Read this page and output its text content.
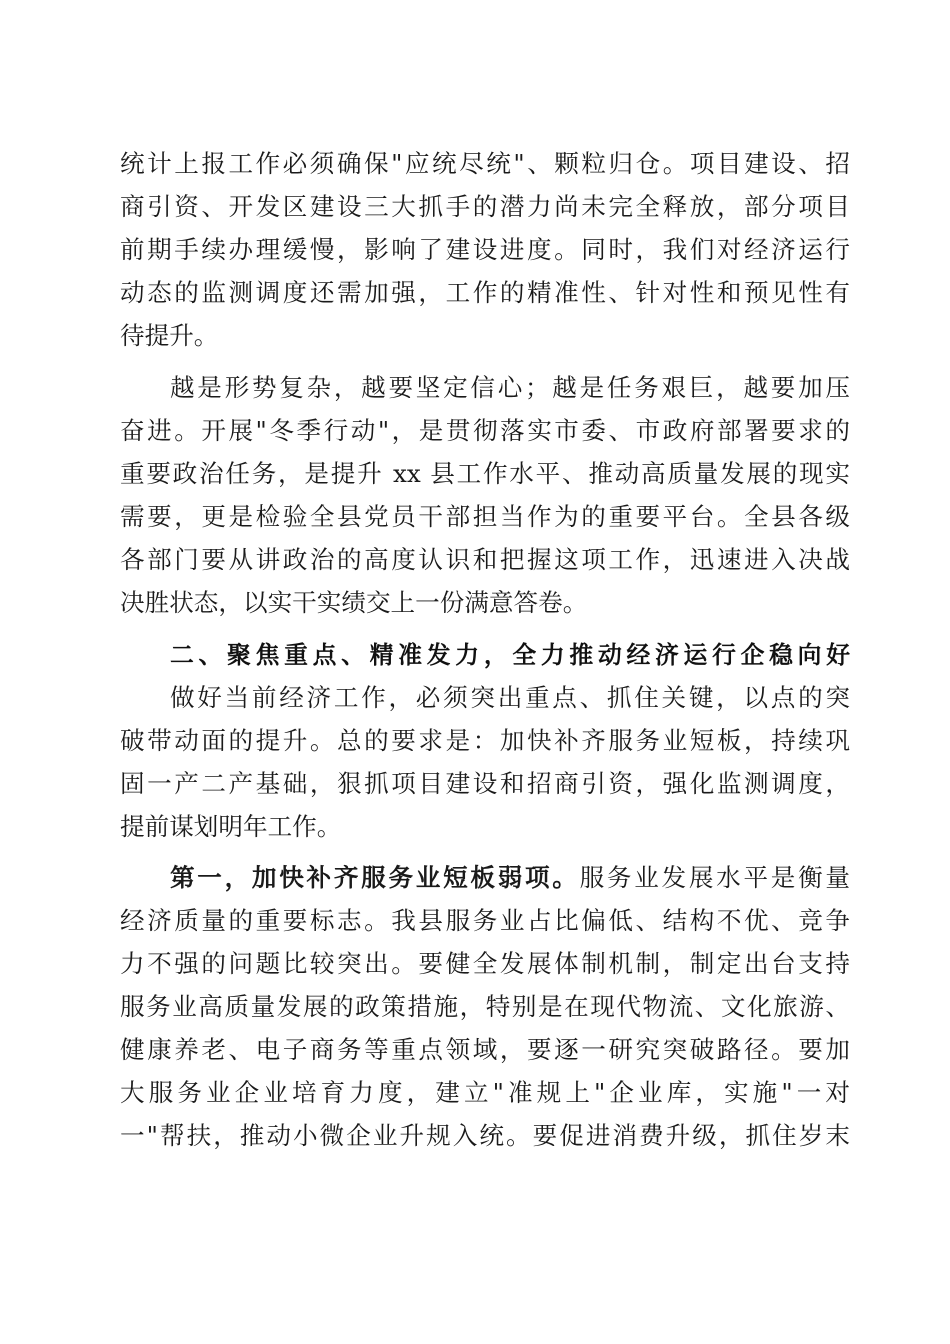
统计上报工作必须确保"应统尽统"、颗粒归仓。项目建设、招
商引资、开发区建设三大抓手的潜力尚未完全释放，部分项目
前期手续办理缓慢，影响了建设进度。同时，我们对经济运行
动态的监测调度还需加强，工作的精准性、针对性和预见性有
待提升。
越是形势复杂，越要坚定信心；越是任务艰巨，越要加压
奋进。开展"冬季行动"，是贯彻落实市委、市政府部署要求的
重要政治任务，是提升 xx 县工作水平、推动高质量发展的现实
需要，更是检验全县党员干部担当作为的重要平台。全县各级
各部门要从讲政治的高度认识和把握这项工作，迅速进入决战
决胜状态，以实干实绩交上一份满意答卷。
二、聚焦重点、精准发力，全力推动经济运行企稳向好
做好当前经济工作，必须突出重点、抓住关键，以点的突
破带动面的提升。总的要求是：加快补齐服务业短板，持续巩
固一产二产基础，狠抓项目建设和招商引资，强化监测调度，
提前谋划明年工作。
第一，加快补齐服务业短板弱项。服务业发展水平是衡量
经济质量的重要标志。我县服务业占比偏低、结构不优、竞争
力不强的问题比较突出。要健全发展体制机制，制定出台支持
服务业高质量发展的政策措施，特别是在现代物流、文化旅游、
健康养老、电子商务等重点领域，要逐一研究突破路径。要加
大服务业企业培育力度，建立"准规上"企业库，实施"一对
一"帮扶，推动小微企业升规入统。要促进消费升级，抓住岁末
